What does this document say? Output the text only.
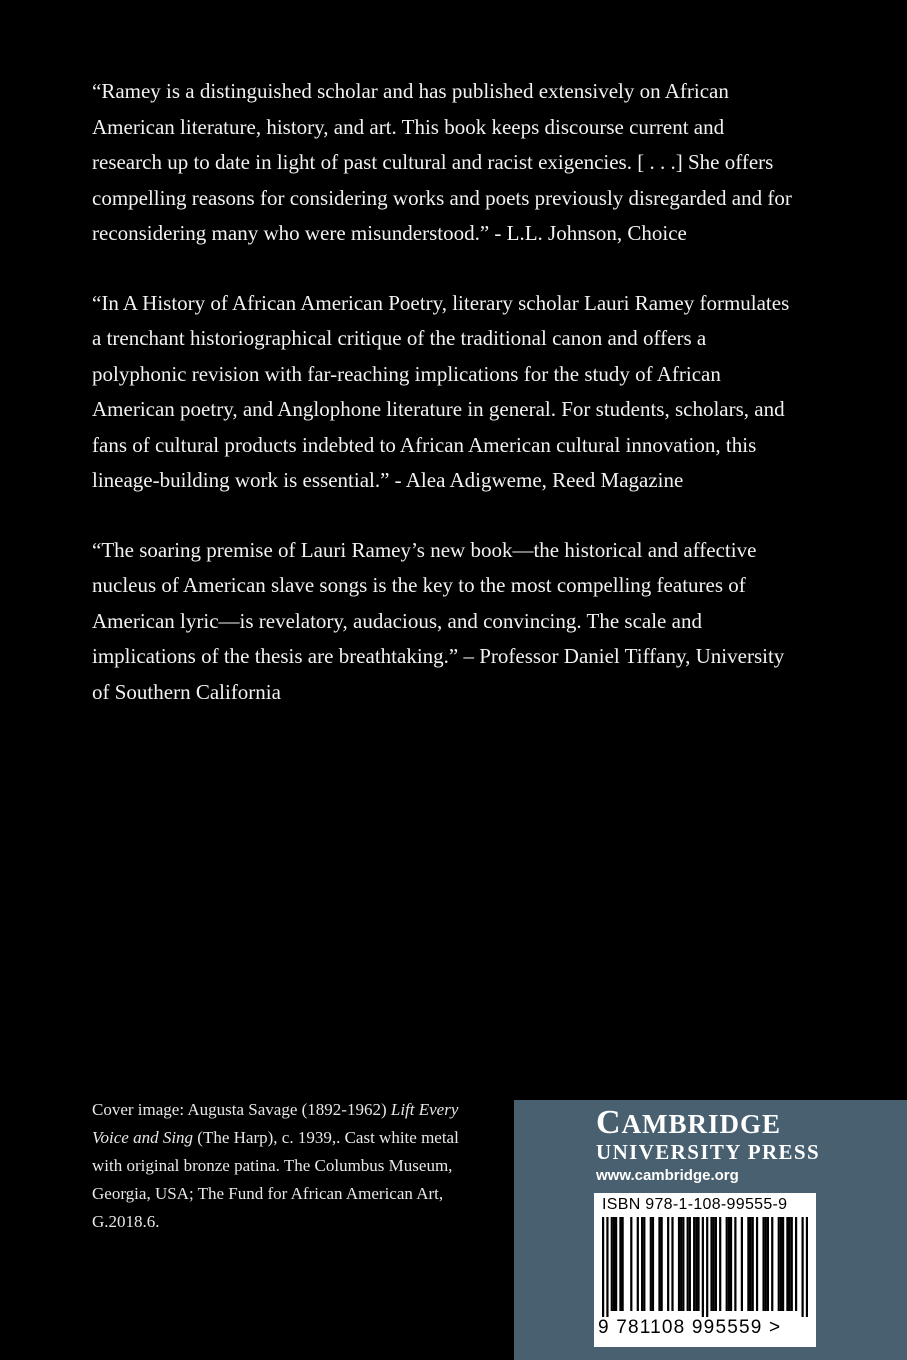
“Ramey is a distinguished scholar and has published extensively on African American literature, history, and art. This book keeps discourse current and research up to date in light of past cultural and racist exigencies. [ . . .] She offers compelling reasons for considering works and poets previously disregarded and for reconsidering many who were misunderstood.” - L.L. Johnson, Choice

“In A History of African American Poetry, literary scholar Lauri Ramey formulates a trenchant historiographical critique of the traditional canon and offers a polyphonic revision with far-reaching implications for the study of African American poetry, and Anglophone literature in general. For students, scholars, and fans of cultural products indebted to African American cultural innovation, this lineage-building work is essential.” - Alea Adigweme, Reed Magazine

“The soaring premise of Lauri Ramey’s new book—the historical and affective nucleus of American slave songs is the key to the most compelling features of American lyric—is revelatory, audacious, and convincing. The scale and implications of the thesis are breathtaking.” – Professor Daniel Tiffany, University of Southern California

Cover image: Augusta Savage (1892-1962) Lift Every Voice and Sing (The Harp), c. 1939,. Cast white metal with original bronze patina. The Columbus Museum, Georgia, USA; The Fund for African American Art, G.2018.6.
CAMBRIDGE
UNIVERSITY PRESS
www.cambridge.org
ISBN 978-1-108-99555-9
9 781108 995559 >
